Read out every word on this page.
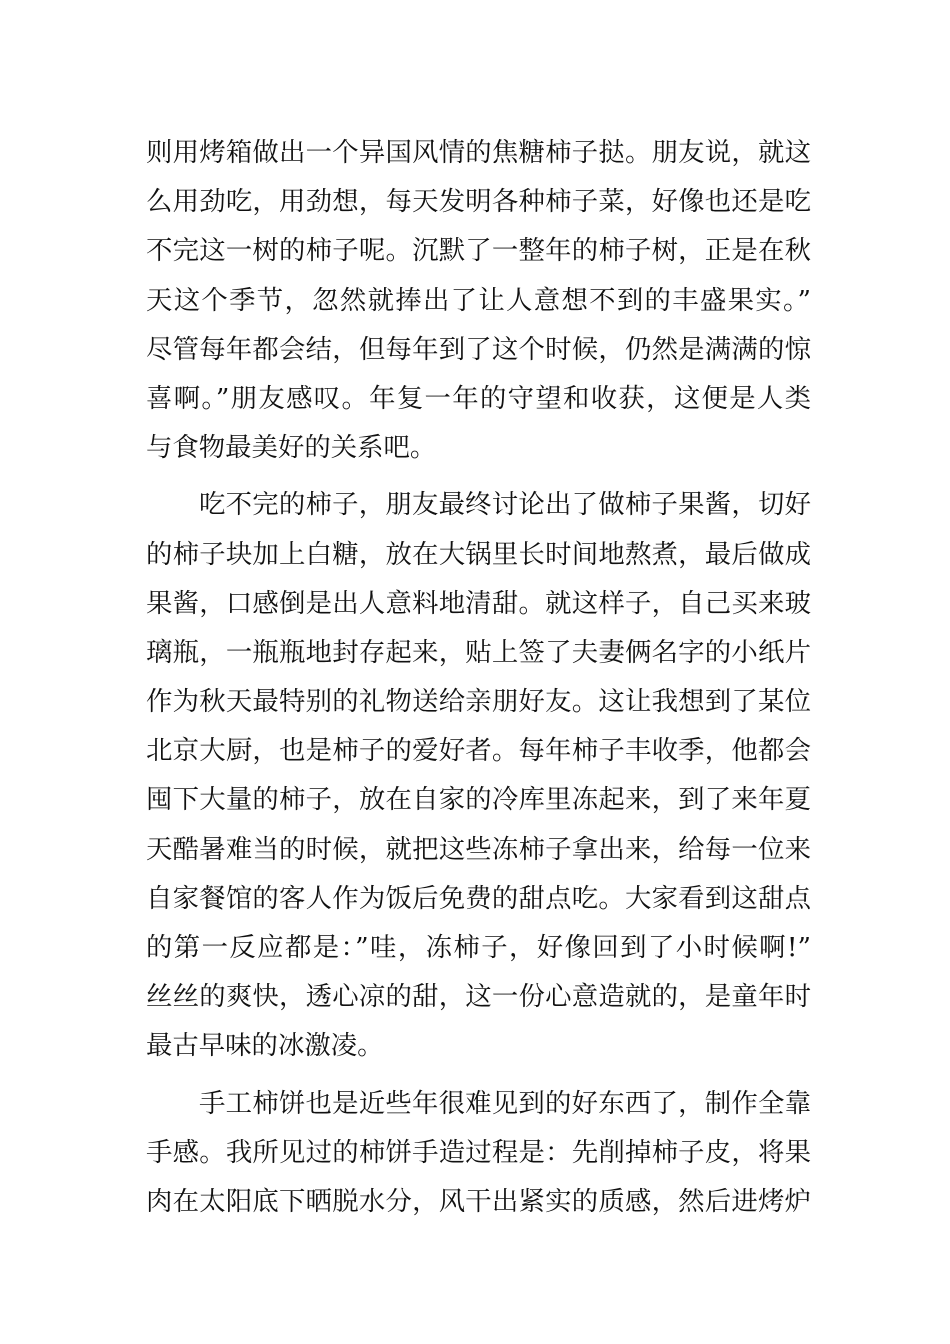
则用烤箱做出一个异国风情的焦糖柿子挞。朋友说，就这
么用劲吃，用劲想，每天发明各种柿子菜，好像也还是吃
不完这一树的柿子呢。沉默了一整年的柿子树，正是在秋
天这个季节，忽然就捧出了让人意想不到的丰盛果实。”
尽管每年都会结，但每年到了这个时候，仍然是满满的惊
喜啊。”朋友感叹。年复一年的守望和收获，这便是人类
与食物最美好的关系吧。
吃不完的柿子，朋友最终讨论出了做柿子果酱，切好
的柿子块加上白糖，放在大锅里长时间地熬煮，最后做成
果酱，口感倒是出人意料地清甜。就这样子，自己买来玻
璃瓶，一瓶瓶地封存起来，贴上签了夫妻俩名字的小纸片
作为秋天最特别的礼物送给亲朋好友。这让我想到了某位
北京大厨，也是柿子的爱好者。每年柿子丰收季，他都会
囤下大量的柿子，放在自家的冷库里冻起来，到了来年夏
天酷暑难当的时候，就把这些冻柿子拿出来，给每一位来
自家餐馆的客人作为饭后免费的甜点吃。大家看到这甜点
的第一反应都是：”哇，冻柿子，好像回到了小时候啊!”
丝丝的爽快，透心凉的甜，这一份心意造就的，是童年时
最古早味的冰激凌。
手工柿饼也是近些年很难见到的好东西了，制作全靠
手感。我所见过的柿饼手造过程是：先削掉柿子皮，将果
肉在太阳底下晒脱水分，风干出紧实的质感，然后进烤炉
